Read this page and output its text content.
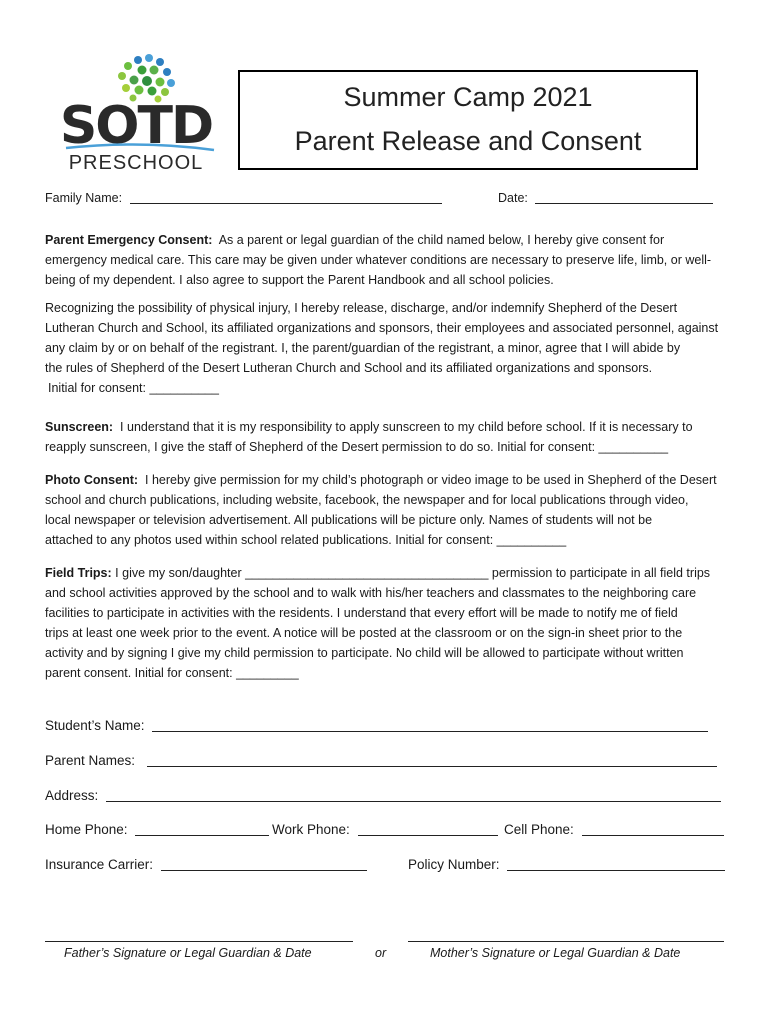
SOTD
PRESCHOOL
Summer Camp 2021
Parent Release and Consent
Family Name:	Date:
Parent Emergency Consent: As a parent or legal guardian of the child named below, I hereby give consent for
emergency medical care. This care may be given under whatever conditions are necessary to preserve life, limb, or well-
being of my dependent. I also agree to support the Parent Handbook and all school policies.
Recognizing the possibility of physical injury, I hereby release, discharge, and/or indemnify Shepherd of the Desert
Lutheran Church and School, its affiliated organizations and sponsors, their employees and associated personnel, against
any claim by or on behalf of the registrant. I, the parent/guardian of the registrant, a minor, agree that I will abide by
the rules of Shepherd of the Desert Lutheran Church and School and its affiliated organizations and sponsors.
Initial for consent: __________
Sunscreen: I understand that it is my responsibility to apply sunscreen to my child before school. If it is necessary to
reapply sunscreen, I give the staff of Shepherd of the Desert permission to do so. Initial for consent: __________
Photo Consent: I hereby give permission for my child’s photograph or video image to be used in Shepherd of the Desert
school and church publications, including website, facebook, the newspaper and for local publications through video,
local newspaper or television advertisement. All publications will be picture only. Names of students will not be
attached to any photos used within school related publications. Initial for consent: __________
Field Trips: I give my son/daughter ___________________________________ permission to participate in all field trips
and school activities approved by the school and to walk with his/her teachers and classmates to the neighboring care
facilities to participate in activities with the residents. I understand that every effort will be made to notify me of field
trips at least one week prior to the event. A notice will be posted at the classroom or on the sign-in sheet prior to the
activity and by signing I give my child permission to participate. No child will be allowed to participate without written
parent consent. Initial for consent: _________
Student’s Name:
Parent Names:
Address:
Home Phone:	Work Phone:	Cell Phone:
Insurance Carrier:	Policy Number:
Father’s Signature or Legal Guardian & Date	or	Mother’s Signature or Legal Guardian & Date
